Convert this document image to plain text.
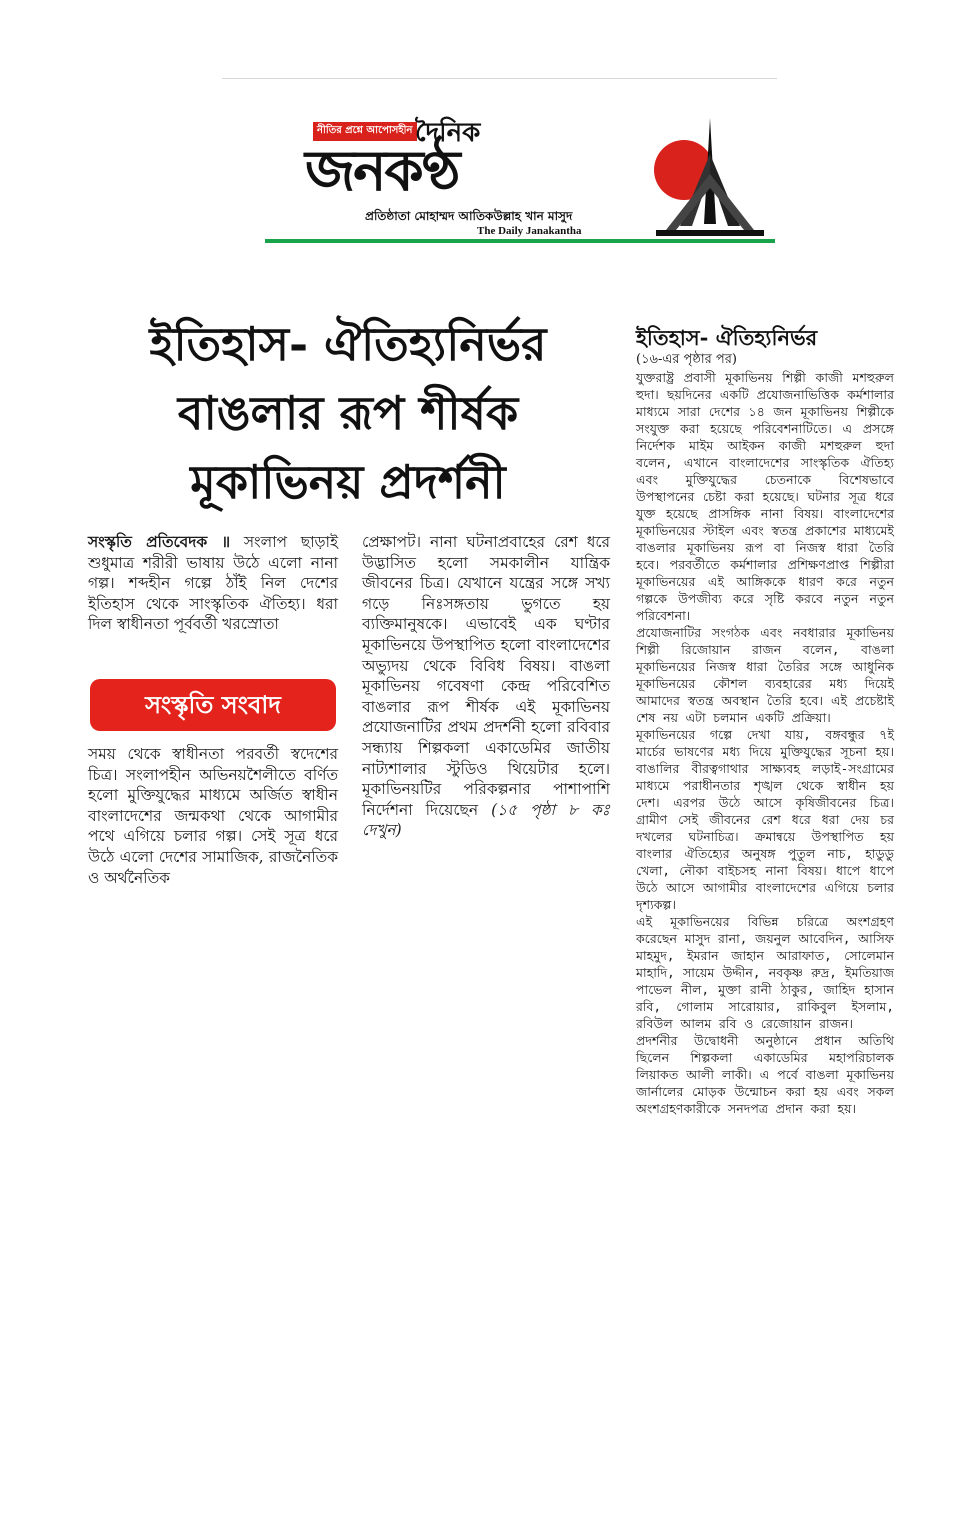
নীতির প্রশ্নে আপোসহীন দৈনিক
জনকণ্ঠ
প্রতিষ্ঠাতা মোহাম্মদ আতিকউল্লাহ খান মাসুদ
The Daily Janakantha
ইতিহাস- ঐতিহ্যনির্ভর
বাঙলার রূপ শীর্ষক
মূকাভিনয় প্রদর্শনী
সংস্কৃতি প্রতিবেদক ॥ সংলাপ ছাড়াই শুধুমাত্র শরীরী ভাষায় উঠে এলো নানা গল্প। শব্দহীন গল্পে ঠাঁই নিল দেশের ইতিহাস থেকে সাংস্কৃতিক ঐতিহ্য। ধরা দিল স্বাধীনতা পূর্ববর্তী খরস্রোতা
সংস্কৃতি সংবাদ
সময় থেকে স্বাধীনতা পরবর্তী স্বদেশের চিত্র। সংলাপহীন অভিনয়শৈলীতে বর্ণিত হলো মুক্তিযুদ্ধের মাধ্যমে অর্জিত স্বাধীন বাংলাদেশের জন্মকথা থেকে আগামীর পথে এগিয়ে চলার গল্প। সেই সূত্র ধরে উঠে এলো দেশের সামাজিক, রাজনৈতিক ও অর্থনৈতিক
প্রেক্ষাপট। নানা ঘটনাপ্রবাহের রেশ ধরে উদ্ভাসিত হলো সমকালীন যান্ত্রিক জীবনের চিত্র। যেখানে যন্ত্রের সঙ্গে সখ্য গড়ে নিঃসঙ্গতায় ভুগতে হয় ব্যক্তিমানুষকে। এভাবেই এক ঘণ্টার মূকাভিনয়ে উপস্থাপিত হলো বাংলাদেশের অভ্যুদয় থেকে বিবিধ বিষয়। বাঙলা মূকাভিনয় গবেষণা কেন্দ্র পরিবেশিত বাঙলার রূপ শীর্ষক এই মূকাভিনয় প্রযোজনাটির প্রথম প্রদর্শনী হলো রবিবার সন্ধ্যায় শিল্পকলা একাডেমির জাতীয় নাট্যশালার স্টুডিও থিয়েটার হলে। মূকাভিনয়টির পরিকল্পনার পাশাপাশি নির্দেশনা দিয়েছেন (১৫ পৃষ্ঠা ৮ কঃ দেখুন)
ইতিহাস- ঐতিহ্যনির্ভর
(১৬-এর পৃষ্ঠার পর)

যুক্তরাষ্ট্র প্রবাসী মূকাভিনয় শিল্পী কাজী মশহুরুল হুদা। ছয়দিনের একটি প্রযোজনাভিত্তিক কর্মশালার মাধ্যমে সারা দেশের ১৪ জন মূকাভিনয় শিল্পীকে সংযুক্ত করা হয়েছে পরিবেশনাটিতে। এ প্রসঙ্গে নির্দেশক মাইম আইকন কাজী মশহুরুল হুদা বলেন, এখানে বাংলাদেশের সাংস্কৃতিক ঐতিহ্য এবং মুক্তিযুদ্ধের চেতনাকে বিশেষভাবে উপস্থাপনের চেষ্টা করা হয়েছে। ঘটনার সূত্র ধরে যুক্ত হয়েছে প্রাসঙ্গিক নানা বিষয়। বাংলাদেশের মূকাভিনয়ের স্টাইল এবং স্বতন্ত্র প্রকাশের মাধ্যমেই বাঙলার মূকাভিনয় রূপ বা নিজস্ব ধারা তৈরি হবে। পরবর্তীতে কর্মশালার প্রশিক্ষণপ্রাপ্ত শিল্পীরা মূকাভিনয়ের এই আঙ্গিককে ধারণ করে নতুন গল্পকে উপজীব্য করে সৃষ্টি করবে নতুন নতুন পরিবেশনা।

প্রযোজনাটির সংগঠক এবং নবধারার মূকাভিনয় শিল্পী রিজোয়ান রাজন বলেন, বাঙলা মূকাভিনয়ের নিজস্ব ধারা তৈরির সঙ্গে আধুনিক মূকাভিনয়ের কৌশল ব্যবহারের মধ্য দিয়েই আমাদের স্বতন্ত্র অবস্থান তৈরি হবে। এই প্রচেষ্টাই শেষ নয় এটা চলমান একটি প্রক্রিয়া।

মূকাভিনয়ের গল্পে দেখা যায়, বঙ্গবন্ধুর ৭ই মার্চের ভাষণের মধ্য দিয়ে মুক্তিযুদ্ধের সূচনা হয়। বাঙালির বীরত্বগাথার সাক্ষ্যবহ লড়াই-সংগ্রামের মাধ্যমে পরাধীনতার শৃঙ্খল থেকে স্বাধীন হয় দেশ। এরপর উঠে আসে কৃষিজীবনের চিত্র। গ্রামীণ সেই জীবনের রেশ ধরে ধরা দেয় চর দখলের ঘটনাচিত্র। ক্রমান্বয়ে উপস্থাপিত হয় বাংলার ঐতিহ্যের অনুষঙ্গ পুতুল নাচ, হাডুডু খেলা, নৌকা বাইচসহ নানা বিষয়। ধাপে ধাপে উঠে আসে আগামীর বাংলাদেশের এগিয়ে চলার দৃশ্যকল্প।

এই মূকাভিনয়ের বিভিন্ন চরিত্রে অংশগ্রহণ করেছেন মাসুদ রানা, জয়নুল আবেদিন, আসিফ মাহমুদ, ইমরান জাহান আরাফাত, সোলেমান মাহাদি, সায়েম উদ্দীন, নবকৃষ্ণ রুদ্র, ইমতিয়াজ পাভেল নীল, মুক্তা রানী ঠাকুর, জাহিদ হাসান রবি, গোলাম সারোয়ার, রাকিবুল ইসলাম, রবিউল আলম রবি ও রেজোয়ান রাজন।

প্রদর্শনীর উদ্বোধনী অনুষ্ঠানে প্রধান অতিথি ছিলেন শিল্পকলা একাডেমির মহাপরিচালক লিয়াকত আলী লাকী। এ পর্বে বাঙলা মূকাভিনয় জার্নালের মোড়ক উন্মোচন করা হয় এবং সকল অংশগ্রহণকারীকে সনদপত্র প্রদান করা হয়।
